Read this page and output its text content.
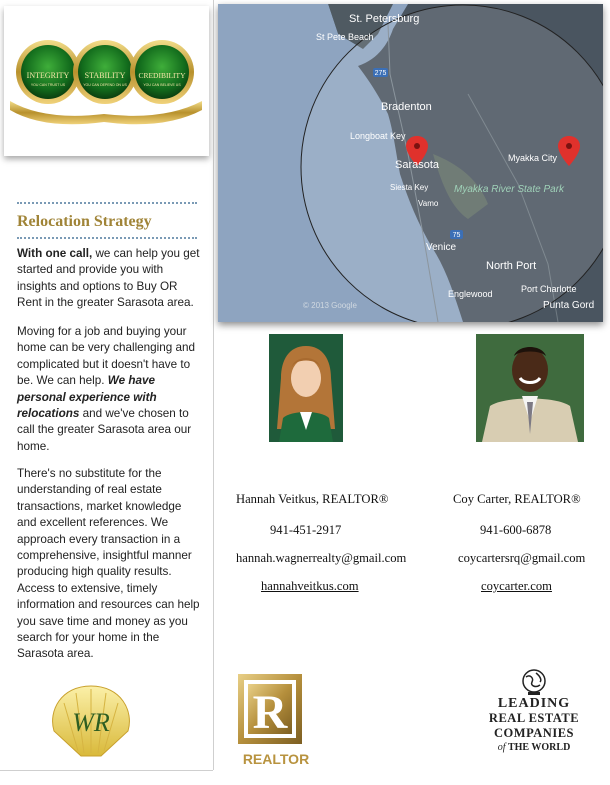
INTEGRITY
YOU CAN TRUST US
STABILITY
YOU CAN DEPEND ON US
CREDIBILITY
YOU CAN BELIEVE US
Relocation Strategy
With one call, we can help you get started and provide you with insights and options to Buy OR Rent in the greater Sarasota area.
Moving for a job and buying your home can be very challenging and complicated but it doesn't have to be. We can help. We have personal experience with relocations and we've chosen to call the greater Sarasota area our home.
There's no substitute for the understanding of real estate transactions, market knowledge and excellent references. We approach every transaction in a comprehensive, insightful manner producing high quality results. Access to extensive, timely information and resources can help you save time and money as you search for your home in the Sarasota area.
WR
275
75
St. Petersburg
St Pete Beach
Bradenton
Longboat Key
Sarasota
Siesta Key
Vamo
Myakka City
Myakka River State Park
Venice
North Port
Englewood	Port Charlotte
Punta Gord
© 2013 Google
Hannah Veitkus, REALTOR®
941-451-2917
hannah.wagnerrealty@gmail.com
hannahveitkus.com
Coy Carter, REALTOR®
941-600-6878
coycartersrq@gmail.com
coycarter.com
R
REALTOR
LEADING
REAL ESTATE
COMPANIES
of THE WORLD
